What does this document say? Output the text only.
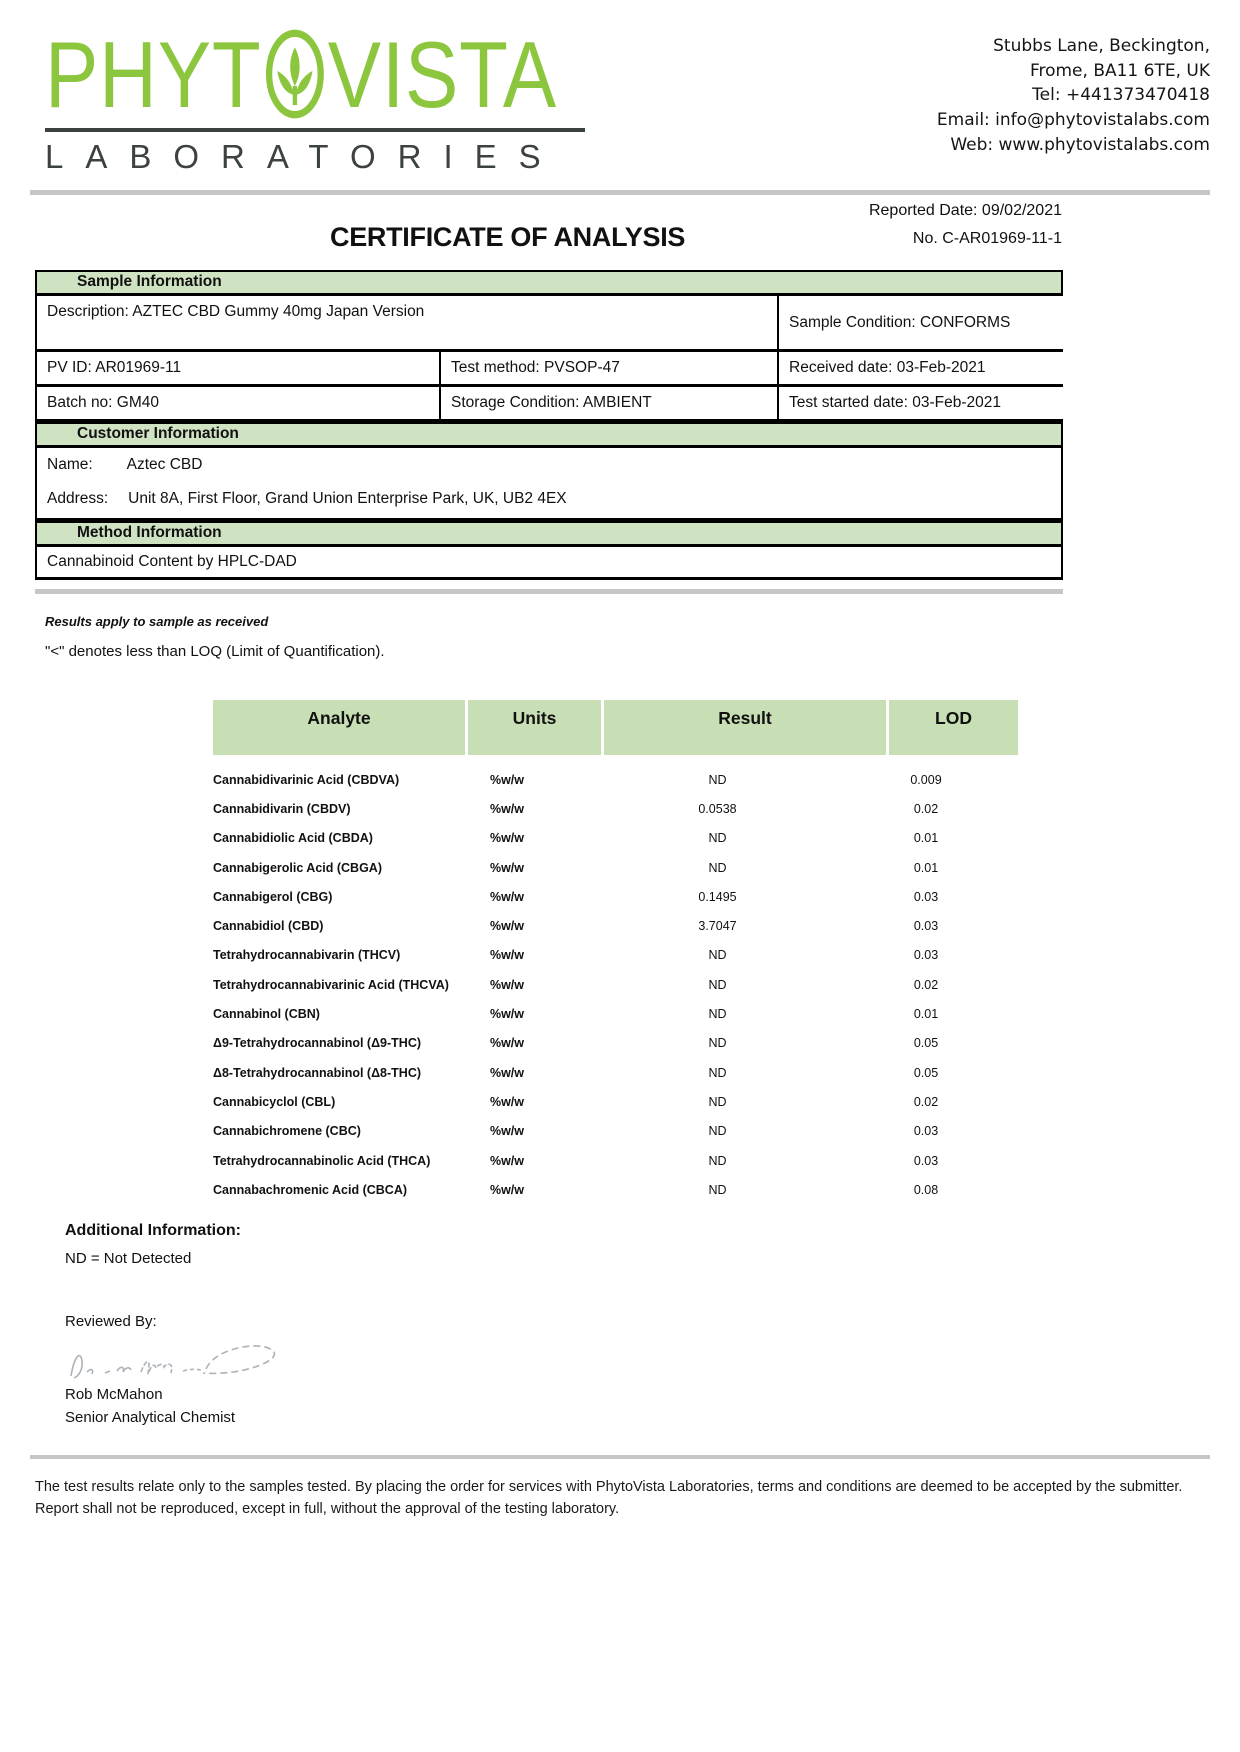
PHYT VISTA
LABORATORIES
Stubbs Lane, Beckington,
Frome, BA11 6TE, UK
Tel: +441373470418
Email: info@phytovistalabs.com
Web: www.phytovistalabs.com
Reported Date: 09/02/2021
CERTIFICATE OF ANALYSIS	No. C-AR01969-11-1
Sample Information
Description: AZTEC CBD Gummy 40mg Japan Version
Sample Condition: CONFORMS
PV ID: AR01969-11	Test method: PVSOP-47	Received date: 03-Feb-2021
Batch no: GM40	Storage Condition: AMBIENT	Test started date: 03-Feb-2021
Customer Information
Name: Aztec CBD
Address: Unit 8A, First Floor, Grand Union Enterprise Park, UK, UB2 4EX
Method Information
Cannabinoid Content by HPLC-DAD
Results apply to sample as received
"<" denotes less than LOQ (Limit of Quantification).
Analyte	Units	Result	LOD
Cannabidivarinic Acid (CBDVA)	%w/w	ND	0.009
Cannabidivarin (CBDV)	%w/w	0.0538	0.02
Cannabidiolic Acid (CBDA)	%w/w	ND	0.01
Cannabigerolic Acid (CBGA)	%w/w	ND	0.01
Cannabigerol (CBG)	%w/w	0.1495	0.03
Cannabidiol (CBD)	%w/w	3.7047	0.03
Tetrahydrocannabivarin (THCV)	%w/w	ND	0.03
Tetrahydrocannabivarinic Acid (THCVA)	%w/w	ND	0.02
Cannabinol (CBN)	%w/w	ND	0.01
Δ9-Tetrahydrocannabinol (Δ9-THC)	%w/w	ND	0.05
Δ8-Tetrahydrocannabinol (Δ8-THC)	%w/w	ND	0.05
Cannabicyclol (CBL)	%w/w	ND	0.02
Cannabichromene (CBC)	%w/w	ND	0.03
Tetrahydrocannabinolic Acid (THCA)	%w/w	ND	0.03
Cannabachromenic Acid (CBCA)	%w/w	ND	0.08
Additional Information:
ND = Not Detected
Reviewed By:
Rob McMahon
Senior Analytical Chemist
The test results relate only to the samples tested. By placing the order for services with PhytoVista Laboratories, terms and conditions are deemed to be accepted by the submitter. Report shall not be reproduced, except in full, without the approval of the testing laboratory.
